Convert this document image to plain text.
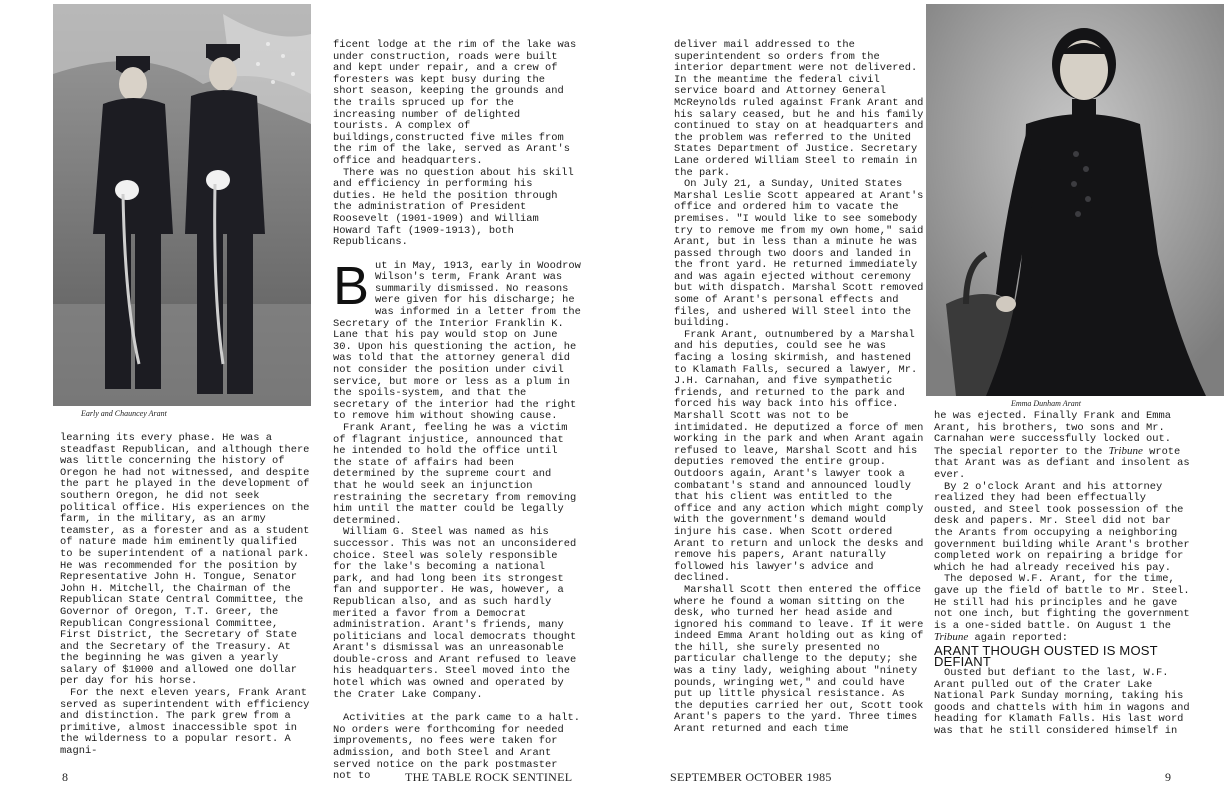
Early and Chauncey Arant

learning its every phase. He was a steadfast Republican, and although there was little concerning the history of Oregon he had not witnessed, and despite the part he played in the development of southern Oregon, he did not seek political office. His experiences on the farm, in the military, as an army teamster, as a forester and as a student of nature made him eminently qualified to be superintendent of a national park. He was recommended for the position by Representative John H. Tongue, Senator John H. Mitchell, the Chairman of the Republican State Central Committee, the Governor of Oregon, T.T. Greer, the Republican Congressional Committee, First District, the Secretary of State and the Secretary of the Treasury. At the beginning he was given a yearly salary of $1000 and allowed one dollar per day for his horse.

For the next eleven years, Frank Arant served as superintendent with efficiency and distinction. The park grew from a primitive, almost inaccessible spot in the wilderness to a popular resort. A magni-

ficent lodge at the rim of the lake was under construction, roads were built and kept under repair, and a crew of foresters was kept busy during the short season, keeping the grounds and the trails spruced up for the increasing number of delighted tourists. A complex of buildings,constructed five miles from the rim of the lake, served as Arant's office and headquarters.

There was no question about his skill and efficiency in performing his duties. He held the position through the administration of President Roosevelt (1901-1909) and William Howard Taft (1909-1913), both Republicans.

But in May, 1913, early in Woodrow Wilson's term, Frank Arant was summarily dismissed. No reasons were given for his discharge; he was informed in a letter from the Secretary of the Interior Franklin K. Lane that his pay would stop on June 30. Upon his questioning the action, he was told that the attorney general did not consider the position under civil service, but more or less as a plum in the spoils-system, and that the secretary of the interior had the right to remove him without showing cause.

Frank Arant, feeling he was a victim of flagrant injustice, announced that he intended to hold the office until the state of affairs had been determined by the supreme court and that he would seek an injunction restraining the secretary from removing him until the matter could be legally determined.

William G. Steel was named as his successor. This was not an unconsidered choice. Steel was solely responsible for the lake's becoming a national park, and had long been its strongest fan and supporter. He was, however, a Republican also, and as such hardly merited a favor from a Democrat administration. Arant's friends, many politicians and local democrats thought Arant's dismissal was an unreasonable double-cross and Arant refused to leave his headquarters. Steel moved into the hotel which was owned and operated by the Crater Lake Company.

Activities at the park came to a halt. No orders were forthcoming for needed improvements, no fees were taken for admission, and both Steel and Arant served notice on the park postmaster not to

8	THE TABLE ROCK SENTINEL

deliver mail addressed to the superintendent so orders from the interior department were not delivered. In the meantime the federal civil service board and Attorney General McReynolds ruled against Frank Arant and his salary ceased, but he and his family continued to stay on at headquarters and the problem was referred to the United States Department of Justice. Secretary Lane ordered William Steel to remain in the park.

On July 21, a Sunday, United States Marshal Leslie Scott appeared at Arant's office and ordered him to vacate the premises. "I would like to see somebody try to remove me from my own home," said Arant, but in less than a minute he was passed through two doors and landed in the front yard. He returned immediately and was again ejected without ceremony but with dispatch. Marshal Scott removed some of Arant's personal effects and files, and ushered Will Steel into the building.

Frank Arant, outnumbered by a Marshal and his deputies, could see he was facing a losing skirmish, and hastened to Klamath Falls, secured a lawyer, Mr. J.H. Carnahan, and five sympathetic friends, and returned to the park and forced his way back into his office. Marshall Scott was not to be intimidated. He deputized a force of men working in the park and when Arant again refused to leave, Marshal Scott and his deputies removed the entire group. Outdoors again, Arant's lawyer took a combatant's stand and announced loudly that his client was entitled to the office and any action which might comply with the government's demand would injure his case. When Scott ordered Arant to return and unlock the desks and remove his papers, Arant naturally followed his lawyer's advice and declined.

Marshall Scott then entered the office where he found a woman sitting on the desk, who turned her head aside and ignored his command to leave. If it were indeed Emma Arant holding out as king of the hill, she surely presented no particular challenge to the deputy; she was a tiny lady, weighing about "ninety pounds, wringing wet," and could have put up little physical resistance. As the deputies carried her out, Scott took Arant's papers to the yard. Three times Arant returned and each time

Emma Dunham Arant

he was ejected. Finally Frank and Emma Arant, his brothers, two sons and Mr. Carnahan were successfully locked out. The special reporter to the Tribune wrote that Arant was as defiant and insolent as ever.

By 2 o'clock Arant and his attorney realized they had been effectually ousted, and Steel took possession of the desk and papers. Mr. Steel did not bar the Arants from occupying a neighboring government building while Arant's brother completed work on repairing a bridge for which he had already received his pay.

The deposed W.F. Arant, for the time, gave up the field of battle to Mr. Steel. He still had his principles and he gave not one inch, but fighting the government is a one-sided battle. On August 1 the

Tribune again reported:

ARANT THOUGH OUSTED IS MOST DEFIANT

Ousted but defiant to the last, W.F. Arant pulled out of the Crater Lake National Park Sunday morning, taking his goods and chattels with him in wagons and heading for Klamath Falls. His last word was that he still considered himself in

SEPTEMBER OCTOBER 1985	9
